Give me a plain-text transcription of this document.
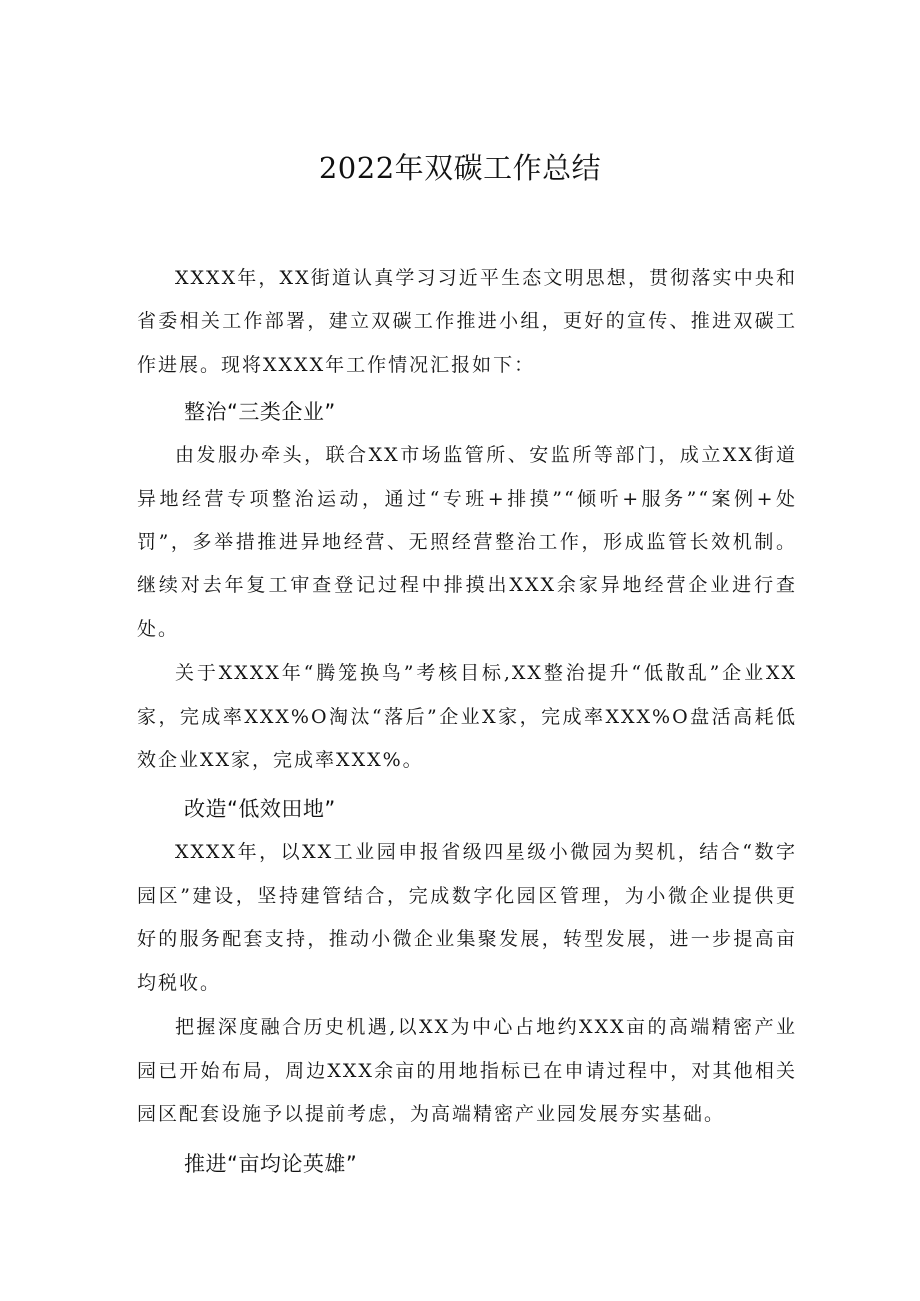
2022年双碳工作总结

XXXX年，XX街道认真学习习近平生态文明思想，贯彻落实中央和省委相关工作部署，建立双碳工作推进小组，更好的宣传、推进双碳工作进展。现将XXXX年工作情况汇报如下：

整治“三类企业”

由发服办牵头，联合XX市场监管所、安监所等部门，成立XX街道异地经营专项整治运动，通过“专班+排摸”“倾听+服务”“案例+处罚”，多举措推进异地经营、无照经营整治工作，形成监管长效机制。继续对去年复工审查登记过程中排摸出XXX余家异地经营企业进行查处。

关于XXXX年“腾笼换鸟”考核目标,XX整治提升“低散乱”企业XX家，完成率XXX%O淘汰“落后”企业X家，完成率XXX%O盘活高耗低效企业XX家，完成率XXX%。

改造“低效田地”

XXXX年，以XX工业园申报省级四星级小微园为契机，结合“数字园区”建设，坚持建管结合，完成数字化园区管理，为小微企业提供更好的服务配套支持，推动小微企业集聚发展，转型发展，进一步提高亩均税收。

把握深度融合历史机遇,以XX为中心占地约XXX亩的高端精密产业园已开始布局，周边XXX余亩的用地指标已在申请过程中，对其他相关园区配套设施予以提前考虑，为高端精密产业园发展夯实基础。

推进“亩均论英雄”
